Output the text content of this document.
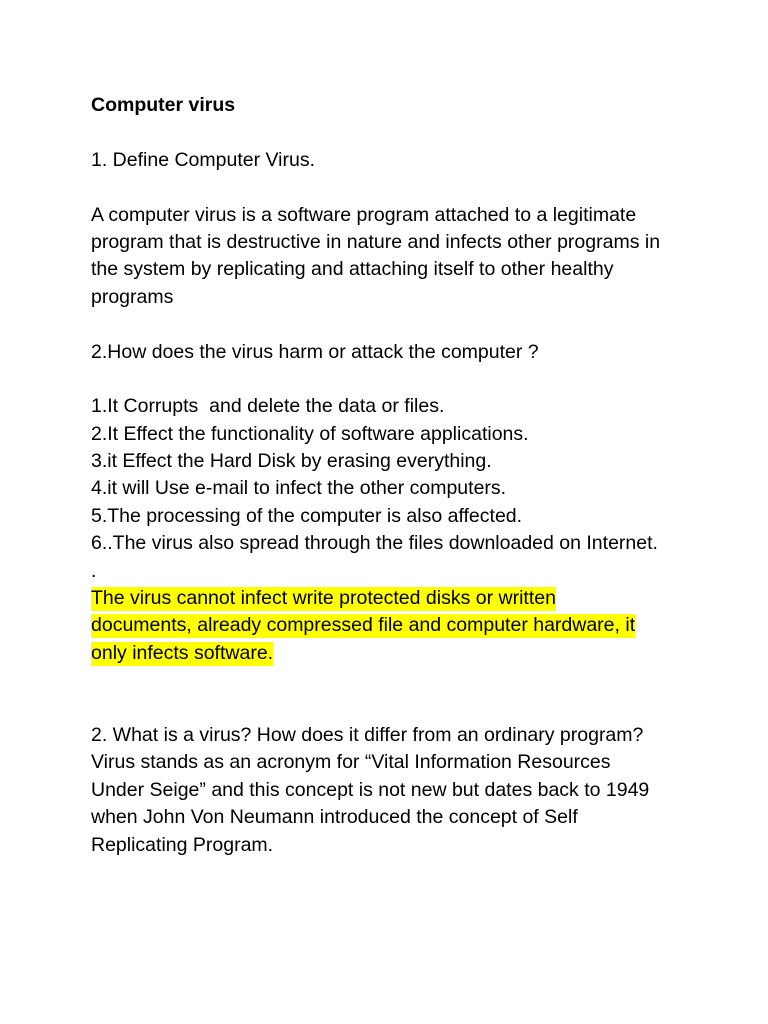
Computer virus
1. Define Computer Virus.
A computer virus is a software program attached to a legitimate
program that is destructive in nature and infects other programs in
the system by replicating and attaching itself to other healthy
programs
2.How does the virus harm or attack the computer ?
1.It Corrupts  and delete the data or files.
2.It Effect the functionality of software applications.
3.it Effect the Hard Disk by erasing everything.
4.it will Use e-mail to infect the other computers.
5.The processing of the computer is also affected.
6..The virus also spread through the files downloaded on Internet.
.
The virus cannot infect write protected disks or written
documents, already compressed file and computer hardware, it
only infects software.
2. What is a virus? How does it differ from an ordinary program?
Virus stands as an acronym for “Vital Information Resources
Under Seige” and this concept is not new but dates back to 1949
when John Von Neumann introduced the concept of Self
Replicating Program.
